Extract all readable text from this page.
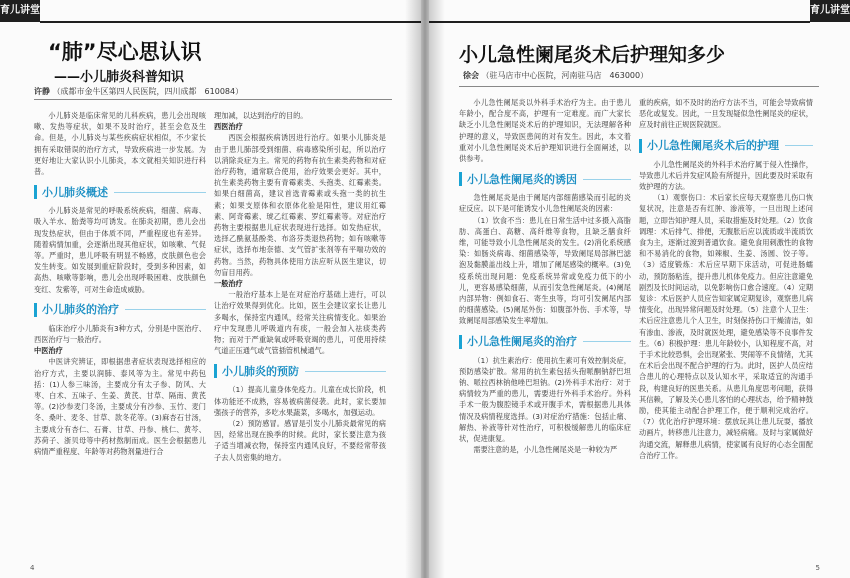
育儿讲堂
“肺”尽心思认识
——小儿肺炎科普知识
许静 （成都市金牛区第四人民医院，四川成都　610084）

小儿肺炎是临床常见的儿科疾病，患儿会出现咳嗽、发热等症状，如果不及时治疗，甚至会危及生命。但是，小儿肺炎与某些疾病症状相似，不少家长拥有采取错误的治疗方式，导致疾病进一步发展。为更好地让大家认识小儿肺炎，本文就相关知识进行科普。

小儿肺炎概述

小儿肺炎是常见的呼吸系统疾病，细菌、病毒、吸入羊水、胎粪等均可诱发。在肺炎初期，患儿会出现发热症状，但由于体质不同，严重程度也有差异。随着病情加重，会逐渐出现其他症状，如咳嗽、气促等。严重时，患儿呼吸有明显不畅感，皮肤颜色也会发生转变。如发展到重症阶段时，受到多种因素，如高热、咳嗽等影响，患儿会出现呼吸困难、皮肤颜色变红、发紫等，可对生命造成威胁。

小儿肺炎的治疗

临床治疗小儿肺炎有3种方式，分别是中医治疗、西医治疗与一般治疗。

中医治疗

中医讲究辨证，即根据患者症状表现选择相应的治疗方式，主要以润肺、泰风等为主。常见中药包括：(1)人参三味汤，主要成分有太子参、防风、大枣、白术、五味子、生姜、黄芪、甘草、隔南、黄芪等。(2)沙参麦门冬汤，主要成分有沙参、玉竹、麦门冬、桑叶、麦冬、甘草、款冬花等。(3)麻杏石甘汤，主要成分有杏仁、石膏、甘草、丹参、桃仁、黄芩、苏荷子、浙贝母等中药材熬制而成。医生会根据患儿病情严重程度、年龄等对药物剂量进行合

理加减，以达到治疗的目的。

西医治疗

西医会根据疾病诱因进行治疗。如果小儿肺炎是由于患儿肺部受到细菌、病毒感染所引起，所以治疗以消除炎症为主。常见的药物有抗生素类药物和对症治疗药物，通常联合使用，治疗效果会更好。其中，抗生素类药物主要有青霉素类、头孢类、红霉素类。如果白细菌高，建议首选青霉素或头孢一类的抗生素；如果支原体和衣原体化验是阳性，建议用红霉素、阿奇霉素、琥乙红霉素、罗红霉素等。对症治疗药物主要根据患儿症状表现进行选择。如发热症状，选择乙酰氨基酚类、布洛芬类退热药物；如有咳嗽等症状，选择布地奈德、支气管扩张剂等有平喘功效的药物。当然，药物具体使用方法应听从医生建议，切勿盲目用药。

一般治疗

一般治疗基本上是在对症治疗基础上进行，可以让治疗效果得到优化。比如，医生会建议家长让患儿多喝水，保持室内通风，经常关注病情变化。如果治疗中发现患儿呼吸道内有痰，一般会加入祛痰类药物；而对于严重缺氧或呼吸衰竭的患儿，可使用持续气道正压通气或气管插管机械通气。

小儿肺炎的预防

（1）提高儿童身体免疫力。儿童在成长阶段，机体功能还不成熟，容易被病菌侵袭。此时，家长要加强孩子的营养，多吃水果蔬菜，多喝水，加强运动。

（2）预防感冒。感冒是引发小儿肺炎最常见的病因，经常出现在换季的时候。此时，家长要注意为孩子适当增减衣物，保持室内通风良好，不要经常带孩子去人员密集的地方。

4
育儿讲堂
小儿急性阑尾炎术后护理知多少
徐会 （驻马店市中心医院，河南驻马店　463000）

小儿急性阑尾炎以外科手术治疗为主。由于患儿年龄小，配合度不高，护理有一定难度。而广大家长缺乏小儿急性阑尾炎术后的护理知识，无法理解各种护理的意义，导致医患间的对有发生。因此，本文着重对小儿急性阑尾炎术后护理知识进行全面阐述，以供参考。

小儿急性阑尾炎的诱因

急性阑尾炎是由于阑尾内部细菌感染而引起的炎症反应。以下是可能诱发小儿急性阑尾炎的因素：

（1）饮食不当：患儿在日常生活中过多摄入高脂肪、高蛋白、高糖、高纤维等食物，且缺乏膳食纤维，可能导致小儿急性阑尾炎的发生。(2)消化系统感染：如肠炎病毒、细菌感染等，导致阑尾局部淋巴滤泡及黏膜盖出线上升，增加了阑尾感染的概率。(3)免疫系统出现问题：免疫系统异常或免疫力低下的小儿，更容易感染细菌，从而引发急性阑尾炎。(4)阑尾内部异物：例如食石、寄生虫等，均可引发阑尾内部的细菌感染。(5)阑尾外伤：如腹部外伤、手术等，导致阑尾局部感染发生率增加。

小儿急性阑尾炎的治疗

（1）抗生素治疗：使用抗生素可有效控制炎症，预防感染扩散。常用的抗生素包括头孢哌酮钠舒巴坦钠、哌拉西林钠他唑巴坦钠。(2)外科手术治疗：对于病情较为严重的患儿，需要进行外科手术治疗。外科手术一般为腹腔镜手术或开腹手术，需根据患儿具体情况及病情程度选择。(3)对症治疗措施：包括止痛、解热、补液等针对性治疗，可积极缓解患儿的临床症状，促进康复。

需要注意的是，小儿急性阑尾炎是一种较为严

重的疾病，如不及时的治疗方法不当，可能会导致病情恶化或复发。因此，一旦发现疑似急性阑尾炎的症状，应及时前往正规医院就医。

小儿急性阑尾炎术后的护理

小儿急性阑尾炎的外科手术治疗属于侵入性操作，导致患儿术后并发症风险有所提升，因此要及时采取有效护理的方法。

（1）观察伤口：术后家长应每天观察患儿伤口恢复状况，注意是否有红肿、渗液等，一旦出现上述问题，立即告知护理人员，采取措施及时处理。（2）饮食调理：术后排气、排便，无腹胀后应以流质或半流质饮食为主，逐渐过渡到普通饮食。避免食用刺激性的食物和不易消化的食物，如辣椒、生姜、汤圆、饺子等。（3）适度锻炼：术后应早期下床活动，可促进肠蠕动，预防肠粘连，提升患儿机体免疫力。但应注意避免剧烈及长时间运动，以免影响伤口愈合速度。（4）定期复诊：术后医护人员应告知家属定期复诊，观察患儿病情变化，出现异常问题及时处理。（5）注意个人卫生：术后应注意患儿个人卫生，时刻保持伤口干燥清洁，如有渗血、渗液，及时就医处理，避免感染等不良事件发生。（6）积极护理：患儿年龄较小，认知程度不高，对于手术比较恐惧，会出现紧张、哭闹等不良情绪，尤其在术后会出现不配合护理的行为。此时，医护人员应结合患儿的心理特点以及认知水平，采取适宜的沟通手段，构建良好的医患关系。从患儿角度思考问题，获得其信赖，了解及关心患儿客怕的心理状态，给予精神鼓励，使其能主动配合护理工作，便于顺利完成治疗。（7）优化治疗护理环境：摆放玩具让患儿玩耍，播放动画片，转移患儿注意力，减轻病痛。及时与家属做好沟通交流，解释患儿病情，使家属有良好的心态全面配合治疗工作。

5
